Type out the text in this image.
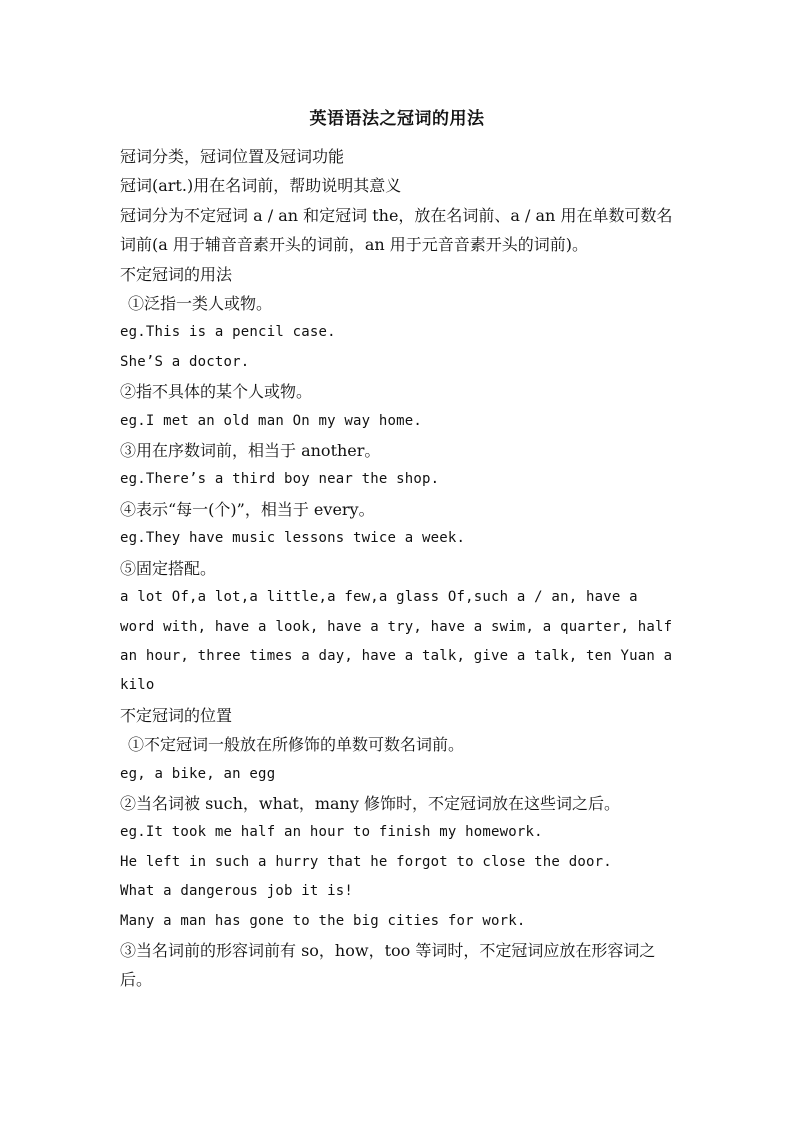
英语语法之冠词的用法
冠词分类，冠词位置及冠词功能
冠词(art.)用在名词前，帮助说明其意义
冠词分为不定冠词 a / an 和定冠词 the，放在名词前、a / an 用在单数可数名词前(a 用于辅音音素开头的词前，an 用于元音音素开头的词前)。
不定冠词的用法
①泛指一类人或物。
eg.This is a pencil case.
She’S a doctor.
②指不具体的某个人或物。
eg.I met an old man On my way home.
③用在序数词前，相当于 another。
eg.There’s a third boy near the shop.
④表示“每一(个)”，相当于 every。
eg.They have music lessons twice a week.
⑤固定搭配。
a lot Of,a lot,a little,a few,a glass Of,such a / an, have a word with, have a look, have a try, have a swim, a quarter, half an hour, three times a day, have a talk, give a talk, ten Yuan a kilo
不定冠词的位置
①不定冠词一般放在所修饰的单数可数名词前。
eg, a bike, an egg
②当名词被 such，what，many 修饰时，不定冠词放在这些词之后。
eg.It took me half an hour to finish my homework.
He left in such a hurry that he forgot to close the door.
What a dangerous job it is!
Many a man has gone to the big cities for work.
③当名词前的形容词前有 so，how，too 等词时，不定冠词应放在形容词之后。
